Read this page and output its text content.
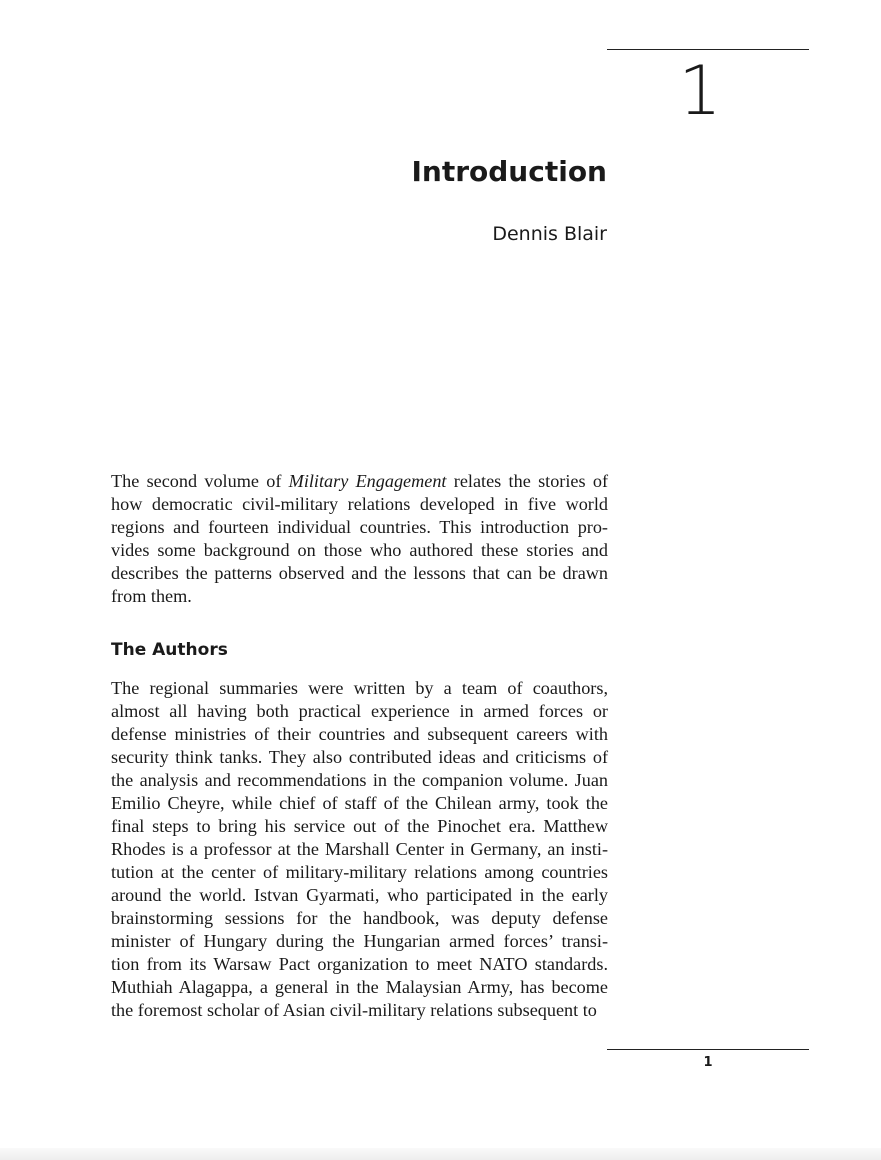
1
Introduction
Dennis Blair
The second volume of Military Engagement relates the stories of
how democratic civil-military relations developed in five world
regions and fourteen individual countries. This introduction pro-
vides some background on those who authored these stories and
describes the patterns observed and the lessons that can be drawn
from them.
The Authors
The regional summaries were written by a team of coauthors,
almost all having both practical experience in armed forces or
defense ministries of their countries and subsequent careers with
security think tanks. They also contributed ideas and criticisms of
the analysis and recommendations in the companion volume. Juan
Emilio Cheyre, while chief of staff of the Chilean army, took the
final steps to bring his service out of the Pinochet era. Matthew
Rhodes is a professor at the Marshall Center in Germany, an insti-
tution at the center of military-military relations among countries
around the world. Istvan Gyarmati, who participated in the early
brainstorming sessions for the handbook, was deputy defense
minister of Hungary during the Hungarian armed forces’ transi-
tion from its Warsaw Pact organization to meet NATO standards.
Muthiah Alagappa, a general in the Malaysian Army, has become
the foremost scholar of Asian civil-military relations subsequent to
1
